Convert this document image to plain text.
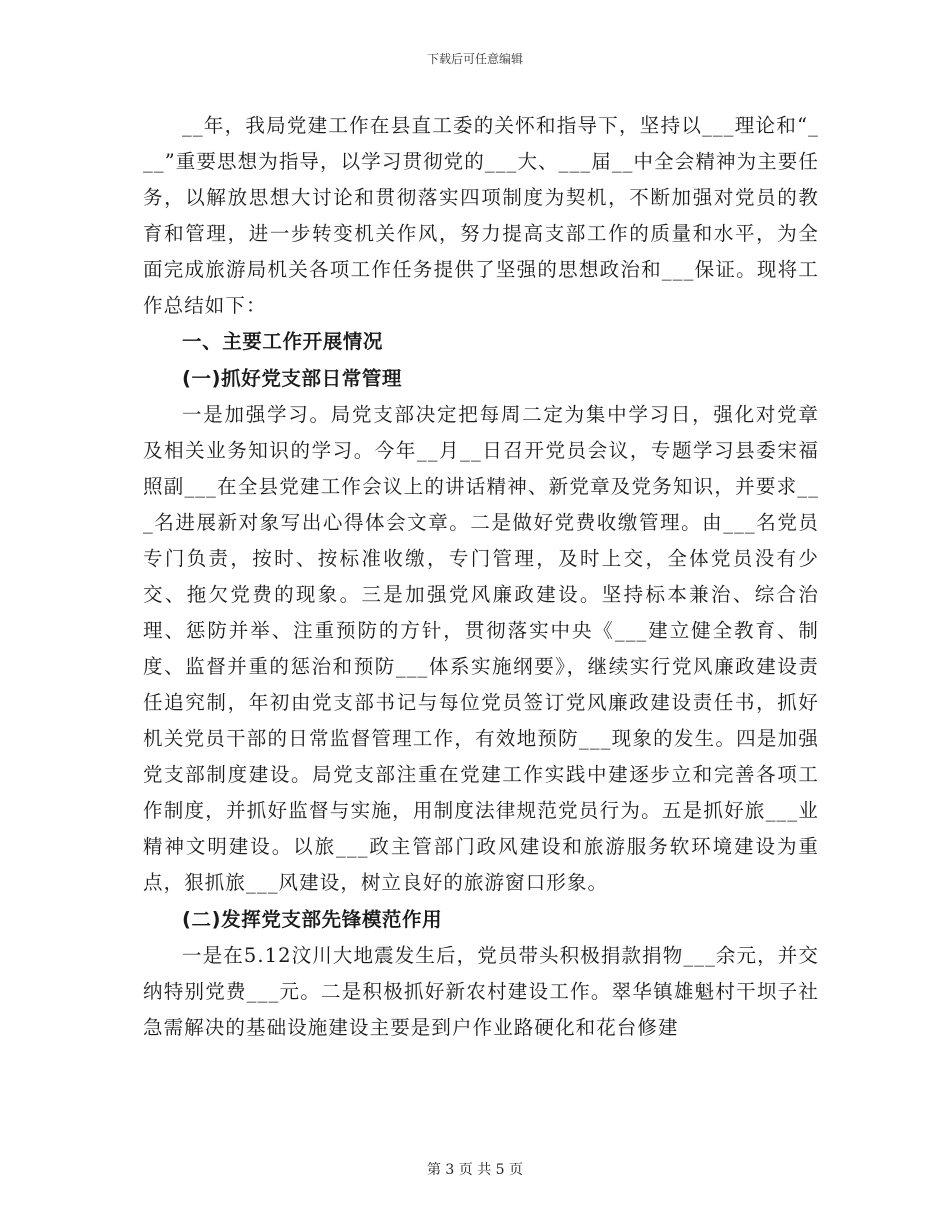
下载后可任意编辑

__年，我局党建工作在县直工委的关怀和指导下，坚持以___理论和“___”重要思想为指导，以学习贯彻党的___大、___届__中全会精神为主要任务，以解放思想大讨论和贯彻落实四项制度为契机，不断加强对党员的教育和管理，进一步转变机关作风，努力提高支部工作的质量和水平，为全面完成旅游局机关各项工作任务提供了坚强的思想政治和___保证。现将工作总结如下：

一、主要工作开展情况

(一)抓好党支部日常管理

一是加强学习。局党支部决定把每周二定为集中学习日，强化对党章及相关业务知识的学习。今年__月__日召开党员会议，专题学习县委宋福照副___在全县党建工作会议上的讲话精神、新党章及党务知识，并要求___名进展新对象写出心得体会文章。二是做好党费收缴管理。由___名党员专门负责，按时、按标准收缴，专门管理，及时上交，全体党员没有少交、拖欠党费的现象。三是加强党风廉政建设。坚持标本兼治、综合治理、惩防并举、注重预防的方针，贯彻落实中央《___建立健全教育、制度、监督并重的惩治和预防___体系实施纲要》，继续实行党风廉政建设责任追究制，年初由党支部书记与每位党员签订党风廉政建设责任书，抓好机关党员干部的日常监督管理工作，有效地预防___现象的发生。四是加强党支部制度建设。局党支部注重在党建工作实践中建逐步立和完善各项工作制度，并抓好监督与实施，用制度法律规范党员行为。五是抓好旅___业精神文明建设。以旅___政主管部门政风建设和旅游服务软环境建设为重点，狠抓旅___风建设，树立良好的旅游窗口形象。

(二)发挥党支部先锋模范作用

一是在5.12汶川大地震发生后，党员带头积极捐款捐物___余元，并交纳特别党费___元。二是积极抓好新农村建设工作。翠华镇雄魁村干坝子社急需解决的基础设施建设主要是到户作业路硬化和花台修建

第 3 页 共 5 页
